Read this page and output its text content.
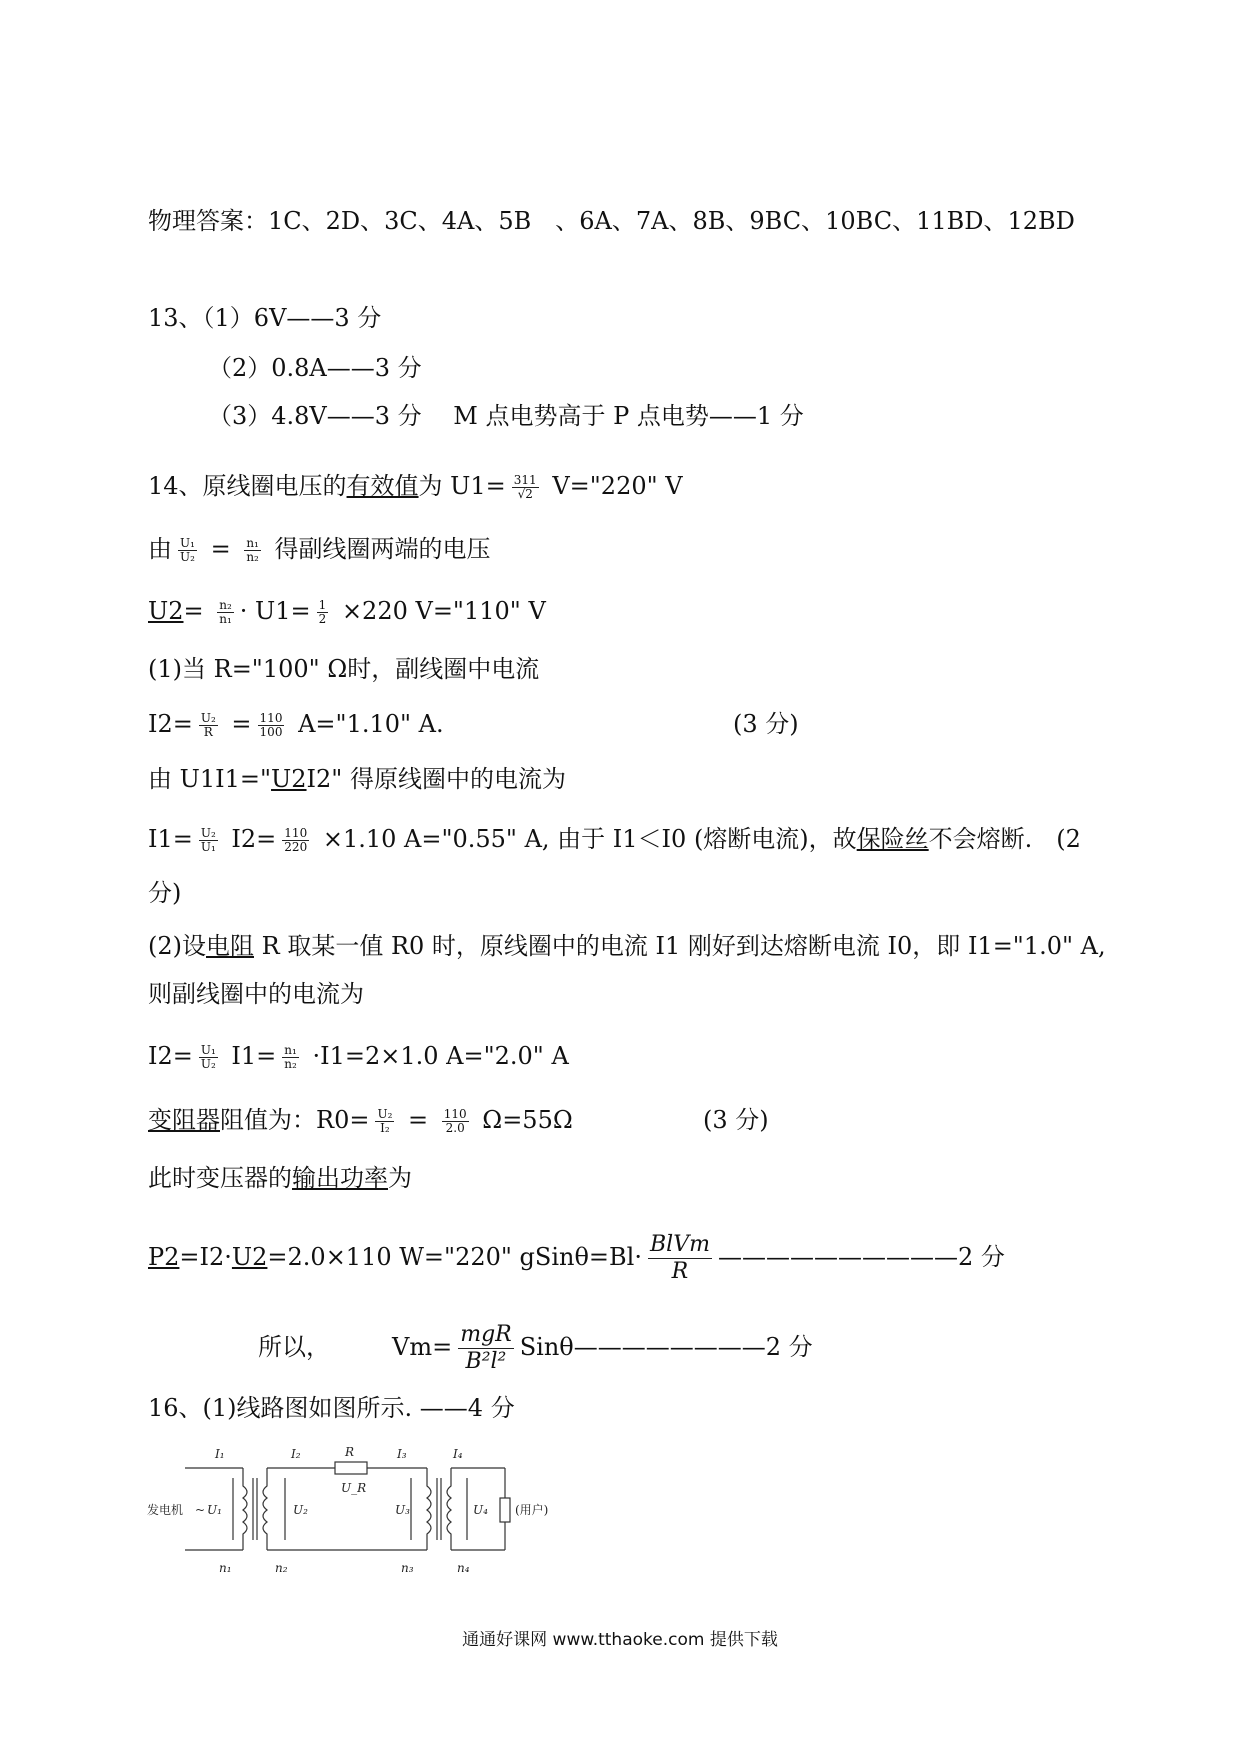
物理答案：1C、2D、3C、4A、5B　、6A、7A、8B、9BC、10BC、11BD、12BD
13、（1）6V——3 分
（2）0.8A——3 分
（3）4.8V——3 分　 M 点电势高于 P 点电势——1 分
14、原线圈电压的有效值为 $U1= \frac{311}{√2}$ V="220" V
由 $\frac{\text{U₁}}{\text{U₂}} = \frac{\text{n₁}}{\text{n₂}}$ 得副线圈两端的电压
$U2= \frac{\text{n₂}}{\text{n₁}} \cdot U1= \frac{1}{2} \times 220$ V="110" V
(1)当 R="100" Ω时，副线圈中电流
$I2= \frac{\text{U₂}}{R} = \frac{110}{100}$ A="1.10" A.	(3 分)
由 U1I1="U2I2" 得原线圈中的电流为
$I1= \frac{\text{U₂}}{\text{U₁}} I2= \frac{110}{220} \times 1.10$ A="0.55" A, 由于 I1＜I0 (熔断电流)，故保险丝不会熔断.　(2
分)
(2)设电阻 R 取某一值 R0 时，原线圈中的电流 I1 刚好到达熔断电流 I0，即 I1="1.0" A,
则副线圈中的电流为
$I2= \frac{\text{U₁}}{\text{U₂}} I1= \frac{\text{n₁}}{\text{n₂}} \cdot I1=2\times 1.0$ A="2.0" A
变阻器阻值为：$R0= \frac{\text{U₂}}{\text{I₂}} = \frac{110}{2.0} \Omega=55\Omega$	(3 分)
此时变压器的输出功率为
P2=I2·U2=2.0×110 W="220" gSinθ=Bl· $\frac{\text{BlVm}}{R}$ ——————————2 分
所以，	$Vm= \frac{\text{mgR}}{\text{B²l²}}$ Sinθ————————2 分
16、(1)线路图如图所示. ——4 分
发电机 ~ U₁
I₁	I₂
U₂
R
U_R
I₃
U₃
I₄
U₄ (用户)
n₁	n₂	n₃	n₄
通通好课网 www.tthaoke.com 提供下载
